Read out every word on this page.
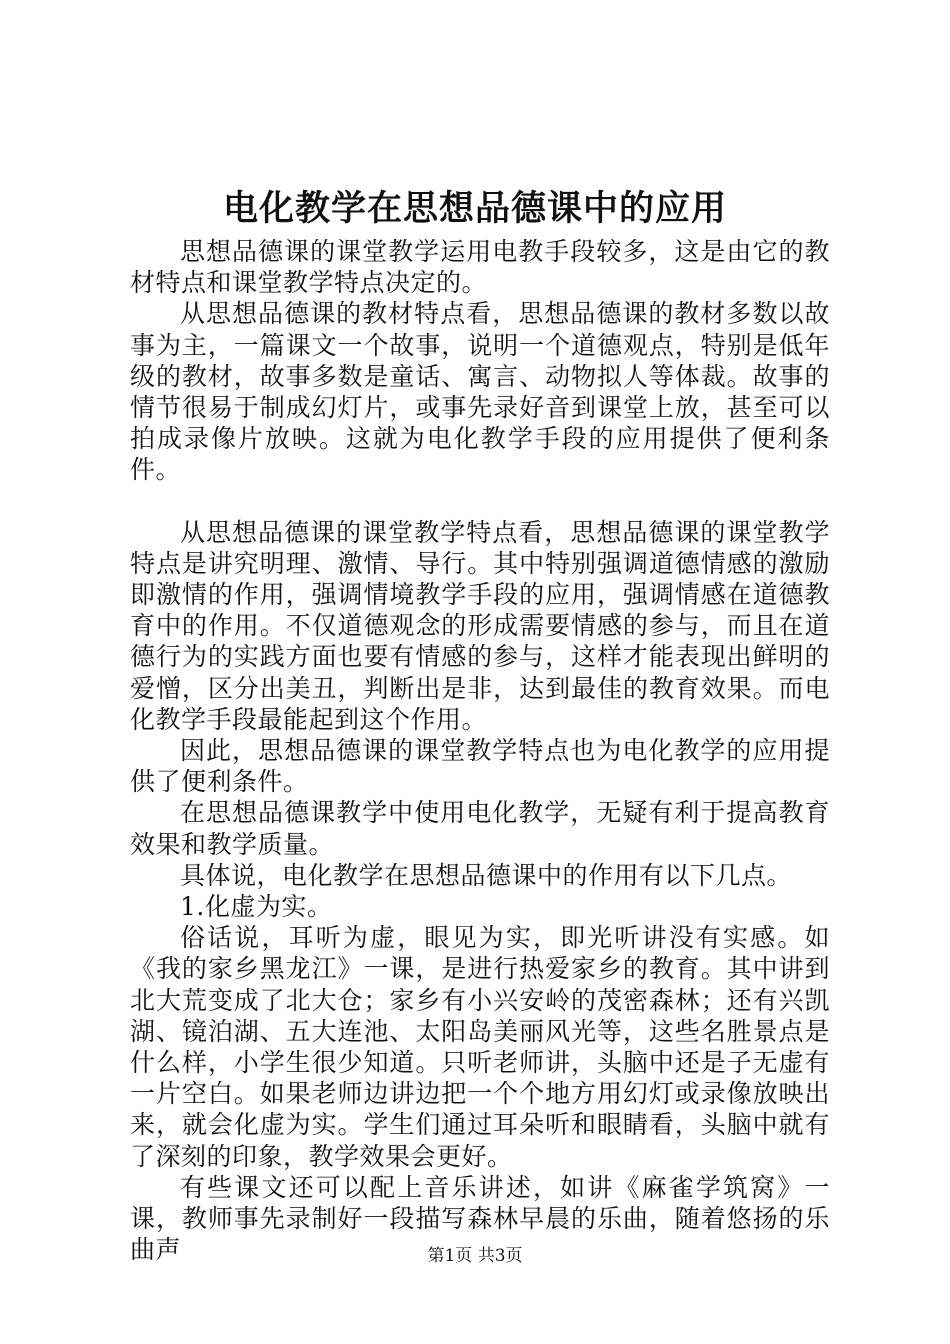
电化教学在思想品德课中的应用

思想品德课的课堂教学运用电教手段较多，这是由它的教材特点和课堂教学特点决定的。

从思想品德课的教材特点看，思想品德课的教材多数以故事为主，一篇课文一个故事，说明一个道德观点，特别是低年级的教材，故事多数是童话、寓言、动物拟人等体裁。故事的情节很易于制成幻灯片，或事先录好音到课堂上放，甚至可以拍成录像片放映。这就为电化教学手段的应用提供了便利条件。

从思想品德课的课堂教学特点看，思想品德课的课堂教学特点是讲究明理、激情、导行。其中特别强调道德情感的激励即激情的作用，强调情境教学手段的应用，强调情感在道德教育中的作用。不仅道德观念的形成需要情感的参与，而且在道德行为的实践方面也要有情感的参与，这样才能表现出鲜明的爱憎，区分出美丑，判断出是非，达到最佳的教育效果。而电化教学手段最能起到这个作用。

因此，思想品德课的课堂教学特点也为电化教学的应用提供了便利条件。

在思想品德课教学中使用电化教学，无疑有利于提高教育效果和教学质量。

具体说，电化教学在思想品德课中的作用有以下几点。

1.化虚为实。

俗话说，耳听为虚，眼见为实，即光听讲没有实感。如《我的家乡黑龙江》一课，是进行热爱家乡的教育。其中讲到北大荒变成了北大仓；家乡有小兴安岭的茂密森林；还有兴凯湖、镜泊湖、五大连池、太阳岛美丽风光等，这些名胜景点是什么样，小学生很少知道。只听老师讲，头脑中还是子无虚有一片空白。如果老师边讲边把一个个地方用幻灯或录像放映出来，就会化虚为实。学生们通过耳朵听和眼睛看，头脑中就有了深刻的印象，教学效果会更好。

有些课文还可以配上音乐讲述，如讲《麻雀学筑窝》一课，教师事先录制好一段描写森林早晨的乐曲，随着悠扬的乐曲声	第1页 共3页
